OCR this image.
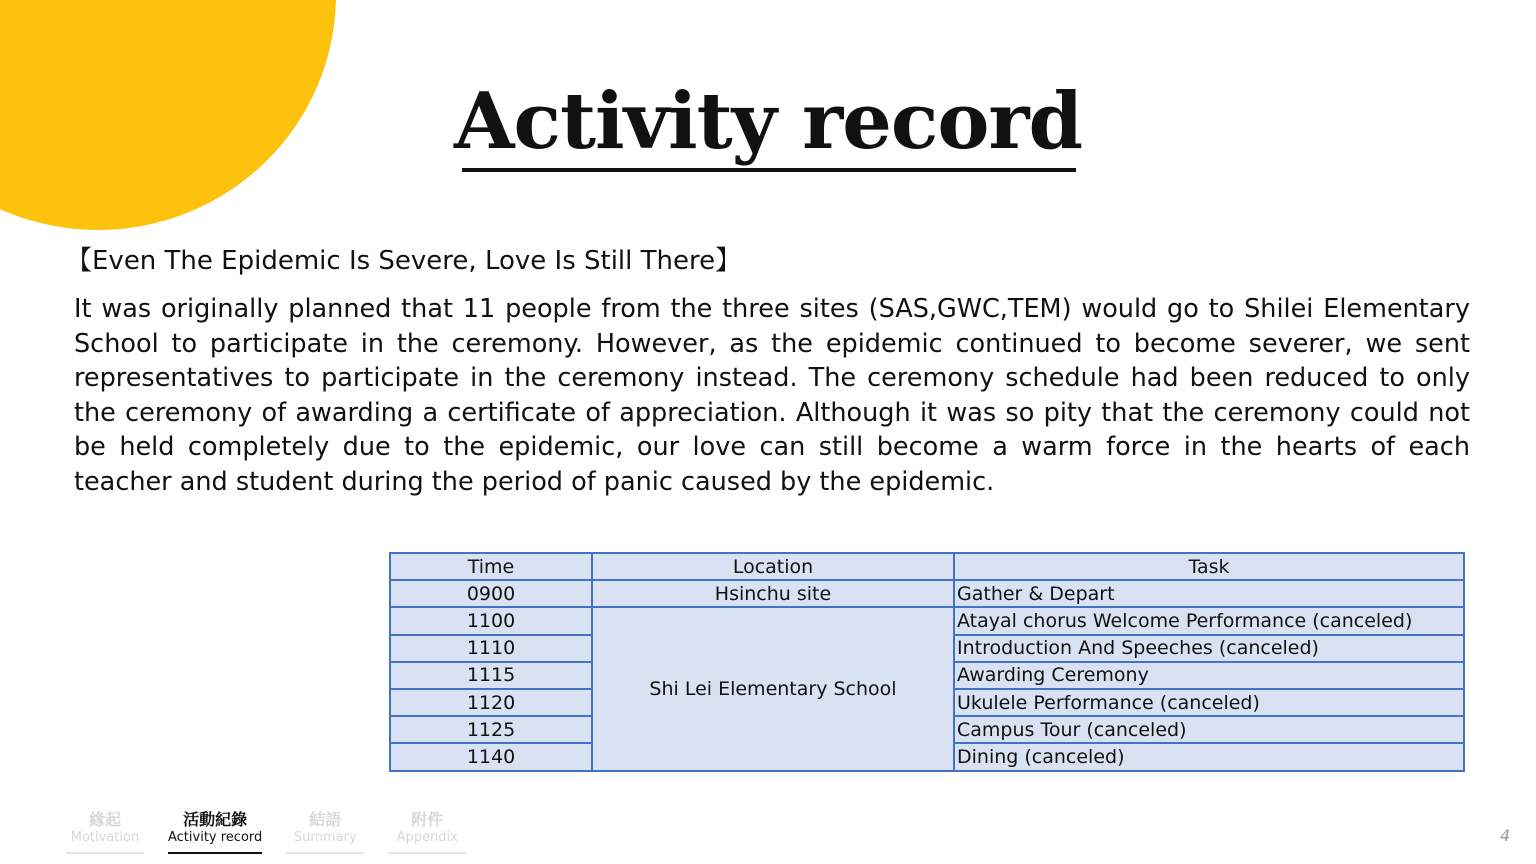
Activity record

【Even The Epidemic Is Severe, Love Is Still There】

It was originally planned that 11 people from the three sites (SAS,GWC,TEM) would go to Shilei Elementary School to participate in the ceremony. However, as the epidemic continued to become severer, we sent representatives to participate in the ceremony instead. The ceremony schedule had been reduced to only the ceremony of awarding a certificate of appreciation. Although it was so pity that the ceremony could not be held completely due to the epidemic, our love can still become a warm force in the hearts of each teacher and student during the period of panic caused by the epidemic.

Time	Location	Task
0900	Hsinchu site	Gather & Depart
1100	Shi Lei Elementary School	Atayal chorus Welcome Performance (canceled)
1110		Introduction And Speeches (canceled)
1115		Awarding Ceremony
1120		Ukulele Performance (canceled)
1125		Campus Tour (canceled)
1140		Dining (canceled)
緣起
Motivation
活動紀錄
Activity record
結語
Summary
附件
Appendix	4
